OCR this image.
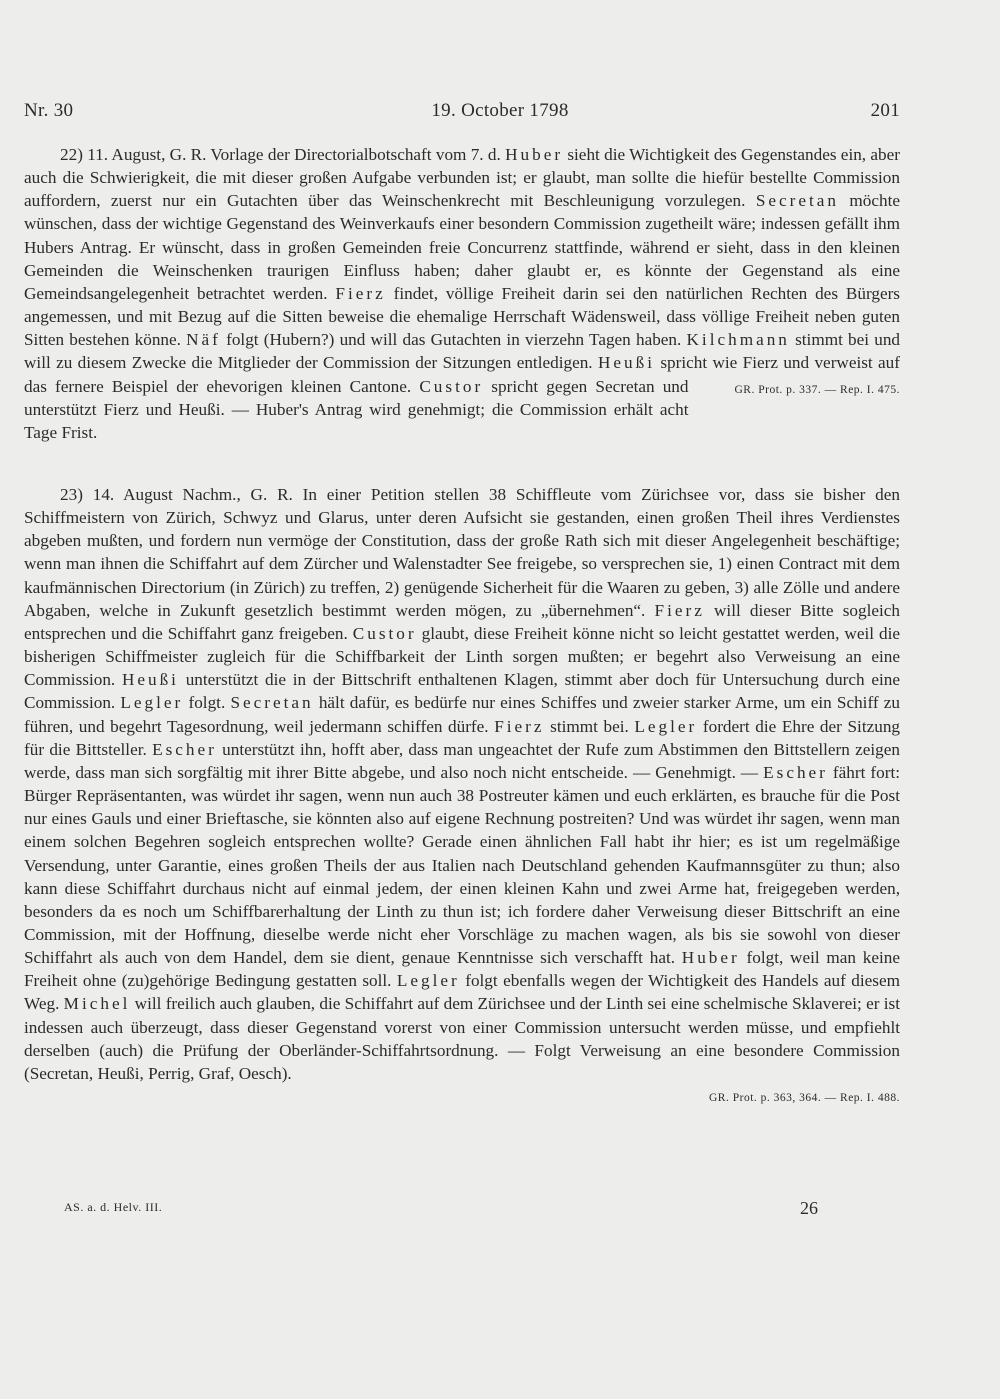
Nr. 30	19. October 1798	201

22) 11. August, G. R. Vorlage der Directorialbotschaft vom 7. d. Huber sieht die Wichtigkeit des Gegenstandes ein, aber auch die Schwierigkeit, die mit dieser großen Aufgabe verbunden ist; er glaubt, man sollte die hiefür bestellte Commission auffordern, zuerst nur ein Gutachten über das Weinschenkrecht mit Beschleunigung vorzulegen. Secretan möchte wünschen, dass der wichtige Gegenstand des Weinverkaufs einer besondern Commission zugetheilt wäre; indessen gefällt ihm Hubers Antrag. Er wünscht, dass in großen Gemeinden freie Concurrenz stattfinde, während er sieht, dass in den kleinen Gemeinden die Weinschenken traurigen Einfluss haben; daher glaubt er, es könnte der Gegenstand als eine Gemeindsangelegenheit betrachtet werden. Fierz findet, völlige Freiheit darin sei den natürlichen Rechten des Bürgers angemessen, und mit Bezug auf die Sitten beweise die ehemalige Herrschaft Wädensweil, dass völlige Freiheit neben guten Sitten bestehen könne. Näf folgt (Hubern?) und will das Gutachten in vierzehn Tagen haben. Kilchmann stimmt bei und will zu diesem Zwecke die Mitglieder der Commission der Sitzungen entledigen. Heußi spricht wie Fierz und verweist auf das fernere Beispiel der ehevorigen kleinen Cantone. Custor	GR. Prot. p. 337. — Rep. I. 475.
spricht gegen Secretan und unterstützt Fierz und Heußi. — Huber's Antrag wird genehmigt; die Commission erhält acht Tage Frist.

23) 14. August Nachm., G. R. In einer Petition stellen 38 Schiffleute vom Zürichsee vor, dass sie bisher den Schiffmeistern von Zürich, Schwyz und Glarus, unter deren Aufsicht sie gestanden, einen großen Theil ihres Verdienstes abgeben mußten, und fordern nun vermöge der Constitution, dass der große Rath sich mit dieser Angelegenheit beschäftige; wenn man ihnen die Schiffahrt auf dem Zürcher und Walenstadter See freigebe, so versprechen sie, 1) einen Contract mit dem kaufmännischen Directorium (in Zürich) zu treffen, 2) genügende Sicherheit für die Waaren zu geben, 3) alle Zölle und andere Abgaben, welche in Zukunft gesetzlich bestimmt werden mögen, zu „übernehmen“. Fierz will dieser Bitte sogleich entsprechen und die Schiffahrt ganz freigeben. Custor glaubt, diese Freiheit könne nicht so leicht gestattet werden, weil die bisherigen Schiffmeister zugleich für die Schiffbarkeit der Linth sorgen mußten; er begehrt also Verweisung an eine Commission. Heußi unterstützt die in der Bittschrift enthaltenen Klagen, stimmt aber doch für Untersuchung durch eine Commission. Legler folgt. Secretan hält dafür, es bedürfe nur eines Schiffes und zweier starker Arme, um ein Schiff zu führen, und begehrt Tagesordnung, weil jedermann schiffen dürfe. Fierz stimmt bei. Legler fordert die Ehre der Sitzung für die Bittsteller. Escher unterstützt ihn, hofft aber, dass man ungeachtet der Rufe zum Abstimmen den Bittstellern zeigen werde, dass man sich sorgfältig mit ihrer Bitte abgebe, und also noch nicht entscheide. — Genehmigt. — Escher fährt fort: Bürger Repräsentanten, was würdet ihr sagen, wenn nun auch 38 Postreuter kämen und euch erklärten, es brauche für die Post nur eines Gauls und einer Brieftasche, sie könnten also auf eigene Rechnung postreiten? Und was würdet ihr sagen, wenn man einem solchen Begehren sogleich entsprechen wollte? Gerade einen ähnlichen Fall habt ihr hier; es ist um regelmäßige Versendung, unter Garantie, eines großen Theils der aus Italien nach Deutschland gehenden Kaufmannsgüter zu thun; also kann diese Schiffahrt durchaus nicht auf einmal jedem, der einen kleinen Kahn und zwei Arme hat, freigegeben werden, besonders da es noch um Schiffbarerhaltung der Linth zu thun ist; ich fordere daher Verweisung dieser Bittschrift an eine Commission, mit der Hoffnung, dieselbe werde nicht eher Vorschläge zu machen wagen, als bis sie sowohl von dieser Schiffahrt als auch von dem Handel, dem sie dient, genaue Kenntnisse sich verschafft hat. Huber folgt, weil man keine Freiheit ohne (zu)gehörige Bedingung gestatten soll. Legler folgt ebenfalls wegen der Wichtigkeit des Handels auf diesem Weg. Michel will freilich auch glauben, die Schiffahrt auf dem Zürichsee und der Linth sei eine schelmische Sklaverei; er ist indessen auch überzeugt, dass dieser Gegenstand vorerst von einer Commission untersucht werden müsse, und empfiehlt derselben (auch) die Prüfung der Oberländer-Schiffahrtsordnung. — Folgt Verweisung an eine besondere Commission (Secretan, Heußi, Perrig, Graf, Oesch).

GR. Prot. p. 363, 364. — Rep. I. 488.
AS. a. d. Helv. III.	26
